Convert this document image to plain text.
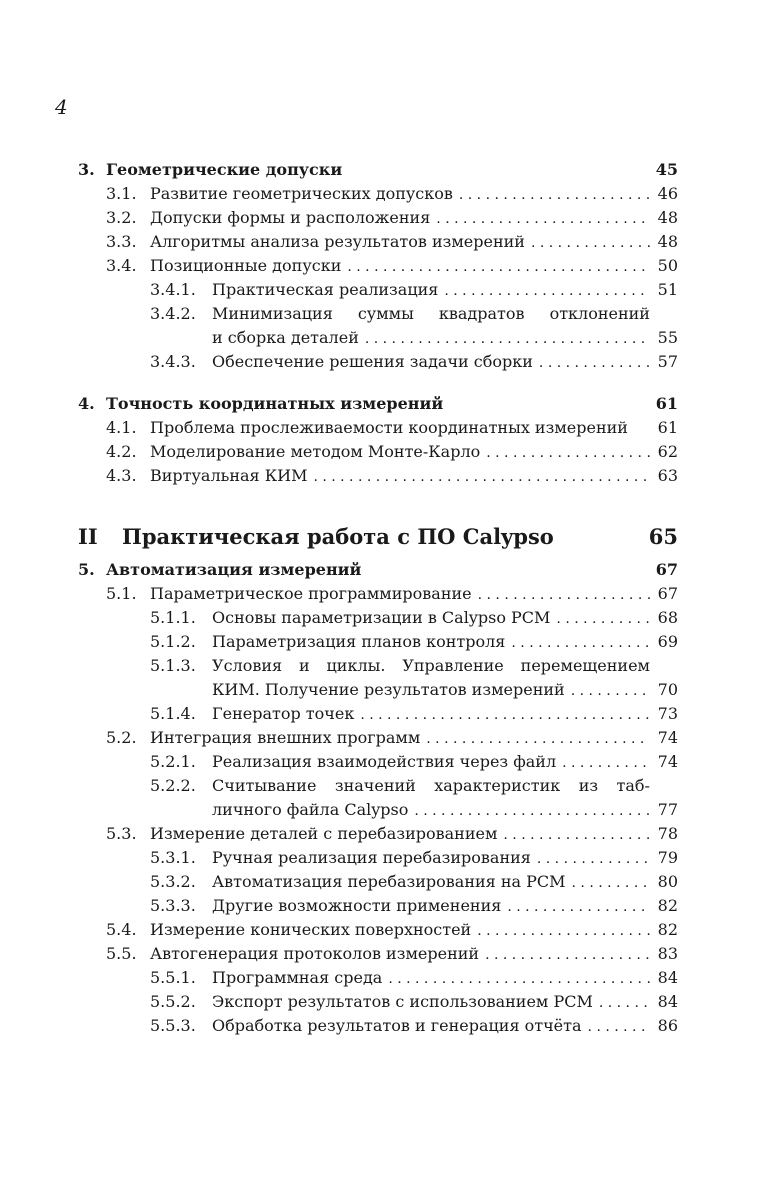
4
3. Геометрические допуски	45
3.1. Развитие геометрических допусков . . .	46
3.2. Допуски формы и расположения . . .	48
3.3. Алгоритмы анализа результатов измерений . . .	48
3.4. Позиционные допуски . . .	50
3.4.1.	Практическая реализация . . .	51
3.4.2.	Минимизация суммы квадратов отклонений
и сборка деталей . . .	55
3.4.3.	Обеспечение решения задачи сборки . . .	57
4. Точность координатных измерений	61
4.1. Проблема прослеживаемости координатных измерений 61
4.2. Моделирование методом Монте-Карло . . .	62
4.3. Виртуальная КИМ . . .	63
II	Практическая работа с ПО Calypso	65
5. Автоматизация измерений	67
5.1. Параметрическое программирование . . .	67
5.1.1.	Основы параметризации в Calypso PCM . . .	68
5.1.2.	Параметризация планов контроля . . .	69
5.1.3.	Условия и циклы. Управление перемещением
КИМ. Получение результатов измерений . . .	70
5.1.4.	Генератор точек . . .	73
5.2. Интеграция внешних программ . . .	74
5.2.1.	Реализация взаимодействия через файл . . .	74
5.2.2.	Считывание значений характеристик из таб-
личного файла Calypso . . .	77
5.3. Измерение деталей с перебазированием . . .	78
5.3.1.	Ручная реализация перебазирования . . .	79
5.3.2.	Автоматизация перебазирования на PCM . . .	80
5.3.3.	Другие возможности применения . . .	82
5.4. Измерение конических поверхностей . . .	82
5.5. Автогенерация протоколов измерений . . .	83
5.5.1.	Программная среда . . .	84
5.5.2.	Экспорт результатов с использованием PCM . . .	84
5.5.3.	Обработка результатов и генерация отчёта . . .	86
